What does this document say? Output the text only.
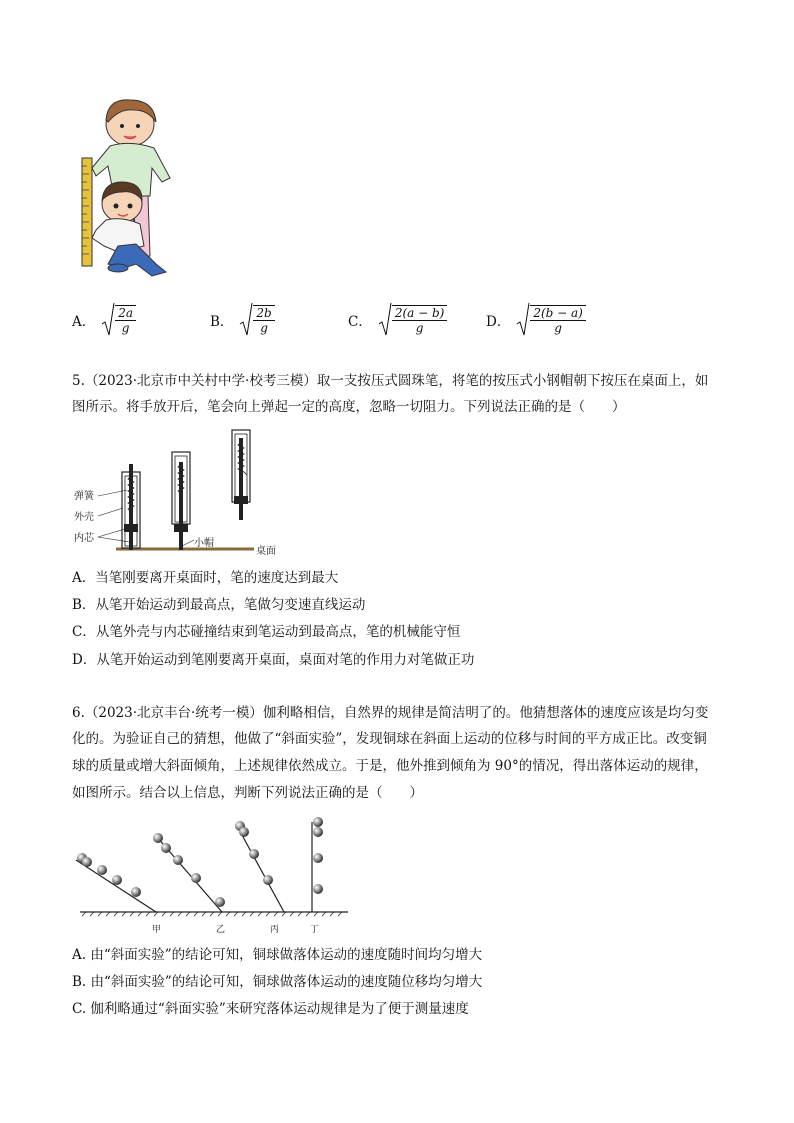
A． $\frac{2a}{g}$	B． $\frac{2b}{g}$	C． $\frac{2(a - b)}{g}$	D． $\frac{2(b - a)}{g}$
5.（2023·北京市中关村中学·校考三模）取一支按压式圆珠笔，将笔的按压式小钢帽朝下按压在桌面上，如
图所示。将手放开后，笔会向上弹起一定的高度，忽略一切阻力。下列说法正确的是（　　）
弹簧
外壳
内芯	小帽
桌面
A．当笔刚要离开桌面时，笔的速度达到最大
B．从笔开始运动到最高点，笔做匀变速直线运动
C．从笔外壳与内芯碰撞结束到笔运动到最高点，笔的机械能守恒
D．从笔开始运动到笔刚要离开桌面，桌面对笔的作用力对笔做正功
6.（2023·北京丰台·统考一模）伽利略相信，自然界的规律是简洁明了的。他猜想落体的速度应该是均匀变
化的。为验证自己的猜想，他做了“斜面实验”，发现铜球在斜面上运动的位移与时间的平方成正比。改变铜
球的质量或增大斜面倾角，上述规律依然成立。于是，他外推到倾角为 90°的情况，得出落体运动的规律，
如图所示。结合以上信息，判断下列说法正确的是（　　）
甲	乙	丙	丁
A. 由“斜面实验”的结论可知，铜球做落体运动的速度随时间均匀增大
B. 由“斜面实验”的结论可知，铜球做落体运动的速度随位移均匀增大
C. 伽利略通过“斜面实验”来研究落体运动规律是为了便于测量速度
